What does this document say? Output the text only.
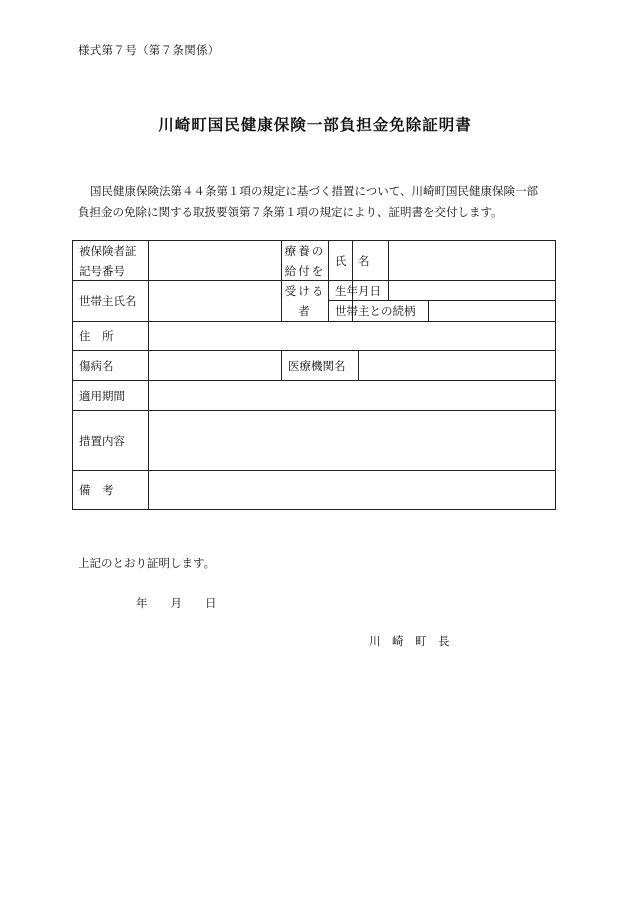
様式第７号（第７条関係）
川崎町国民健康保険一部負担金免除証明書
国民健康保険法第４４条第１項の規定に基づく措置について、川崎町国民健康保険一部
負担金の免除に関する取扱要領第７条第１項の規定により、証明書を交付します。
被保険者証
記号番号
世帯主氏名
療養の
給付を
受ける
者
氏　名
生年月日
世帯主との続柄
住　所
傷病名	医療機関名
適用期間
措置内容
備　考
上記のとおり証明します。
年　　月　　日
川　崎　町　長
